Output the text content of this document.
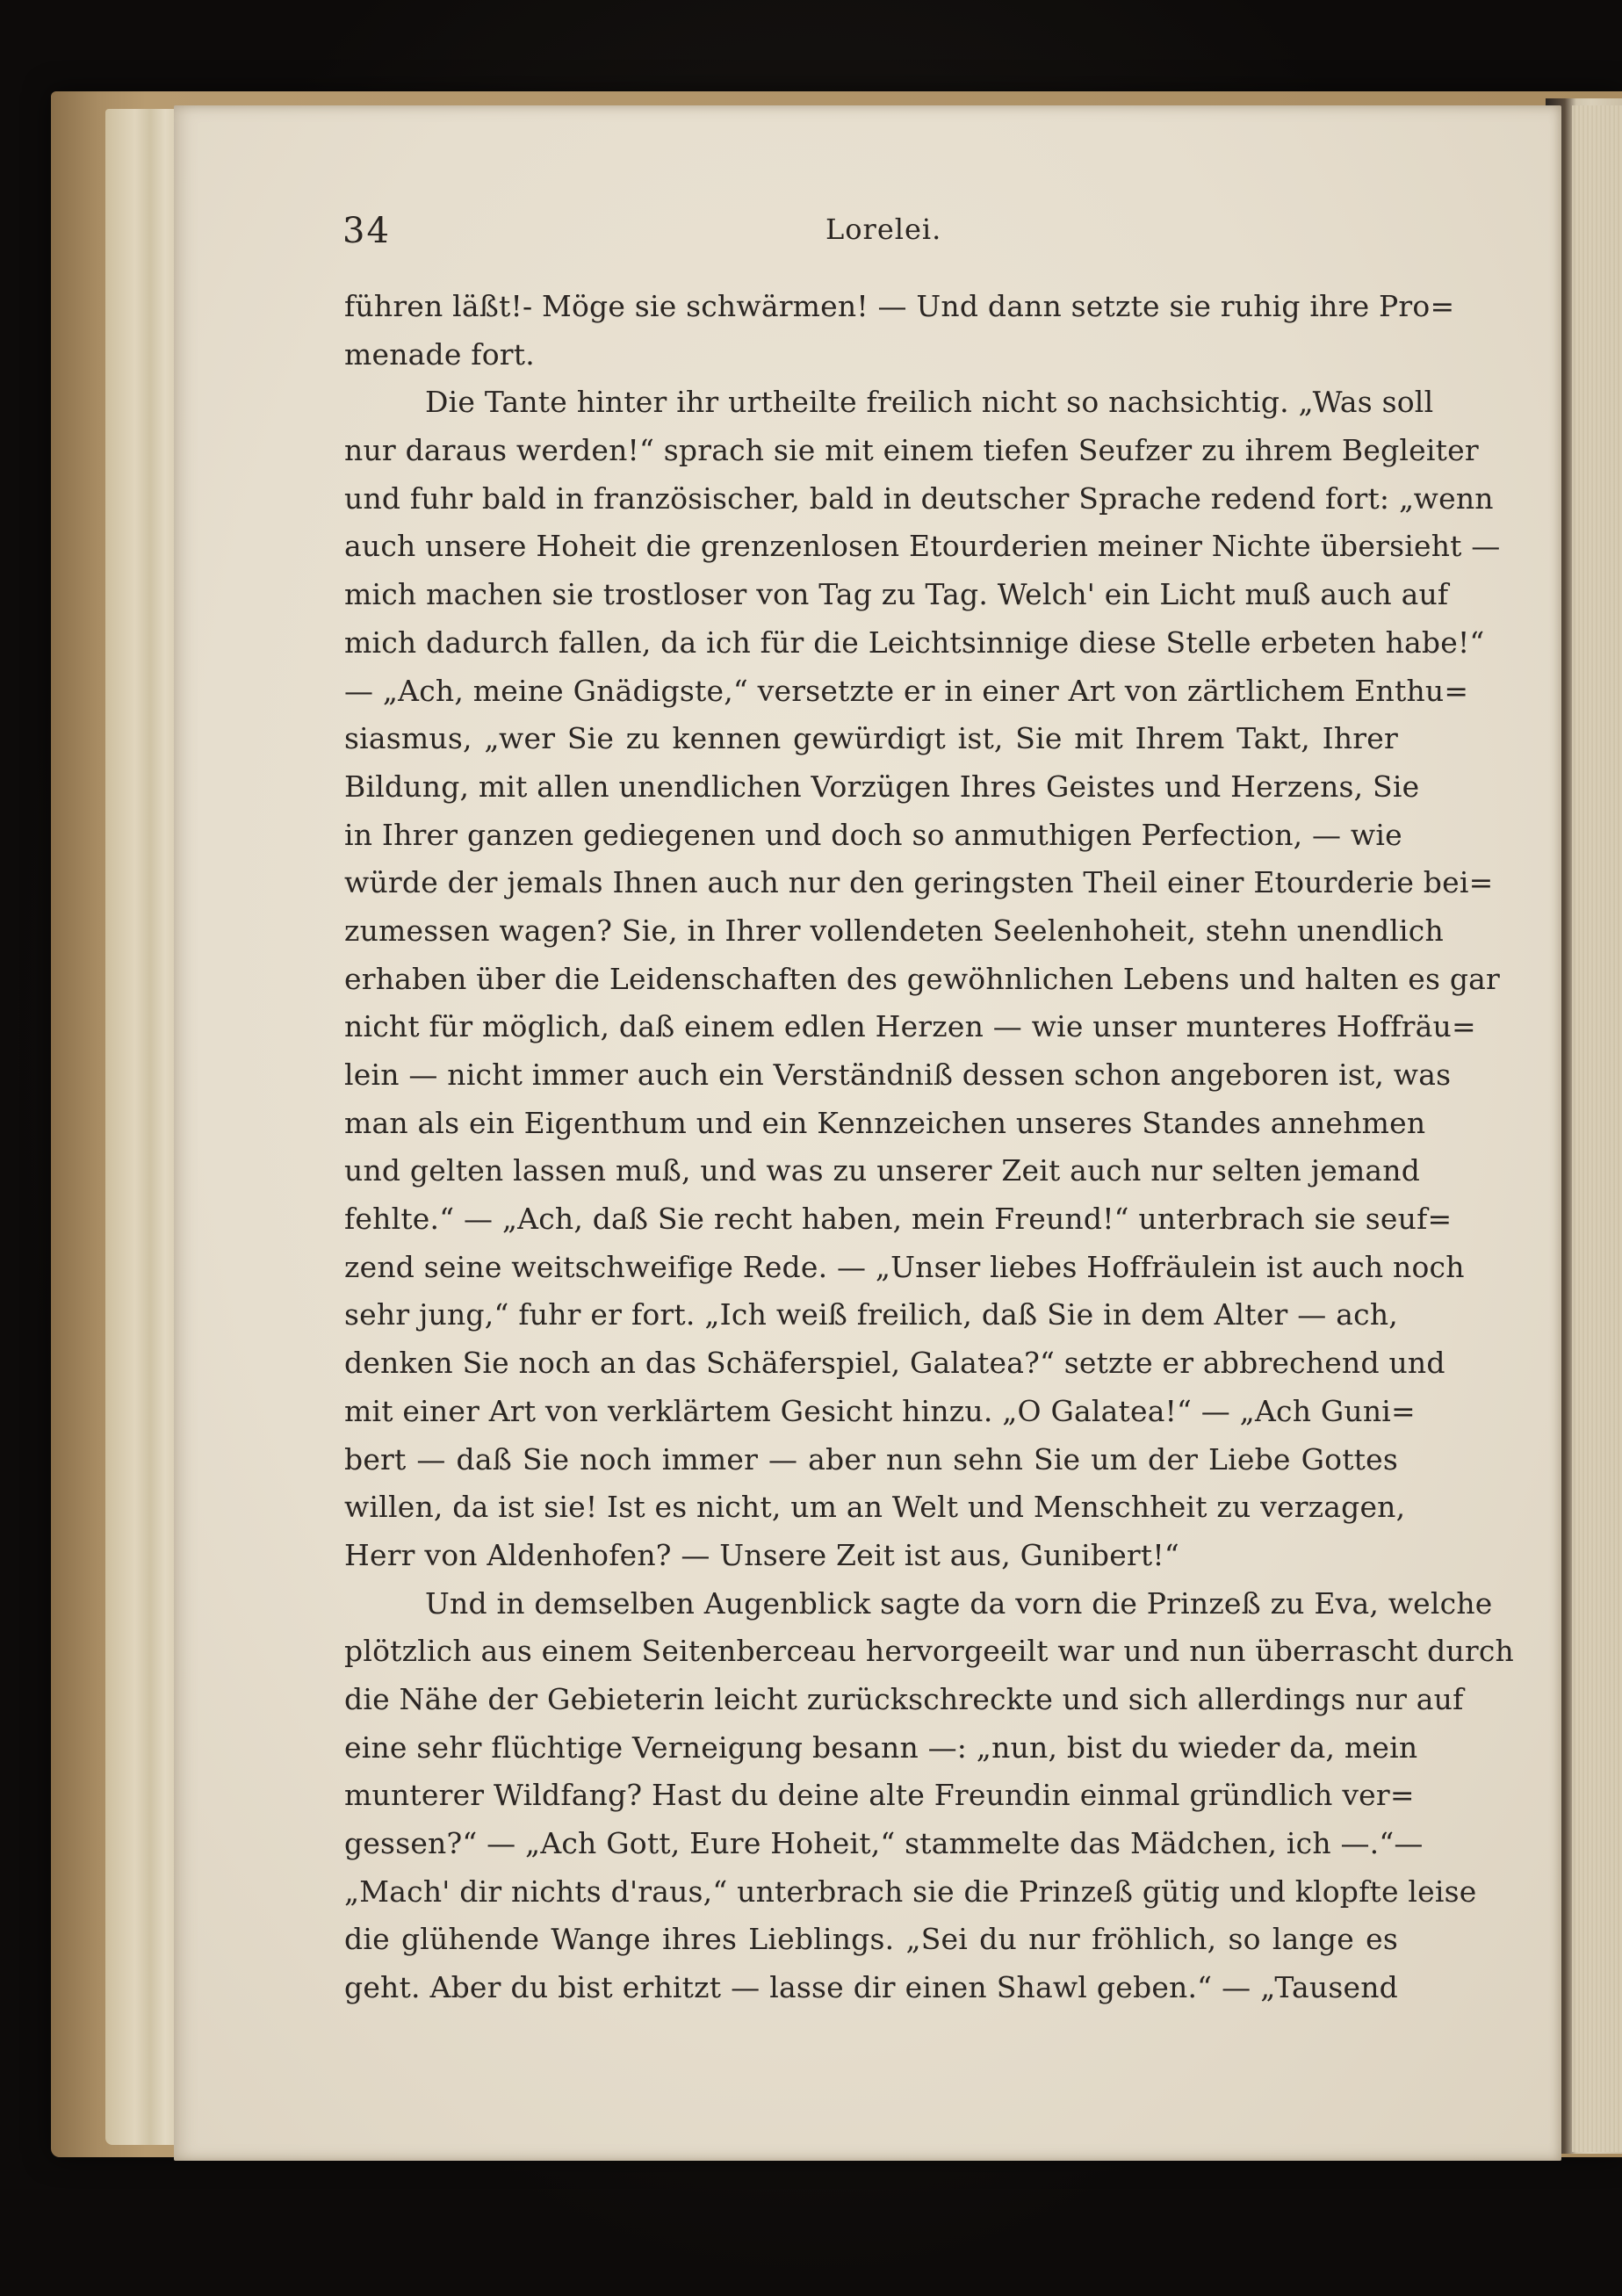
34	Lorelei.
führen läßt!- Möge sie schwärmen! — Und dann setzte sie ruhig ihre Pro=
menade fort.
Die Tante hinter ihr urtheilte freilich nicht so nachsichtig. „Was soll
nur daraus werden!“ sprach sie mit einem tiefen Seufzer zu ihrem Begleiter
und fuhr bald in französischer, bald in deutscher Sprache redend fort: „wenn
auch unsere Hoheit die grenzenlosen Etourderien meiner Nichte übersieht —
mich machen sie trostloser von Tag zu Tag. Welch' ein Licht muß auch auf
mich dadurch fallen, da ich für die Leichtsinnige diese Stelle erbeten habe!“
— „Ach, meine Gnädigste,“ versetzte er in einer Art von zärtlichem Enthu=
siasmus, „wer Sie zu kennen gewürdigt ist, Sie mit Ihrem Takt, Ihrer
Bildung, mit allen unendlichen Vorzügen Ihres Geistes und Herzens, Sie
in Ihrer ganzen gediegenen und doch so anmuthigen Perfection, — wie
würde der jemals Ihnen auch nur den geringsten Theil einer Etourderie bei=
zumessen wagen? Sie, in Ihrer vollendeten Seelenhoheit, stehn unendlich
erhaben über die Leidenschaften des gewöhnlichen Lebens und halten es gar
nicht für möglich, daß einem edlen Herzen — wie unser munteres Hoffräu=
lein — nicht immer auch ein Verständniß dessen schon angeboren ist, was
man als ein Eigenthum und ein Kennzeichen unseres Standes annehmen
und gelten lassen muß, und was zu unserer Zeit auch nur selten jemand
fehlte.“ — „Ach, daß Sie recht haben, mein Freund!“ unterbrach sie seuf=
zend seine weitschweifige Rede. — „Unser liebes Hoffräulein ist auch noch
sehr jung,“ fuhr er fort. „Ich weiß freilich, daß Sie in dem Alter — ach,
denken Sie noch an das Schäferspiel, Galatea?“ setzte er abbrechend und
mit einer Art von verklärtem Gesicht hinzu. „O Galatea!“ — „Ach Guni=
bert — daß Sie noch immer — aber nun sehn Sie um der Liebe Gottes
willen, da ist sie! Ist es nicht, um an Welt und Menschheit zu verzagen,
Herr von Aldenhofen? — Unsere Zeit ist aus, Gunibert!“
Und in demselben Augenblick sagte da vorn die Prinzeß zu Eva, welche
plötzlich aus einem Seitenberceau hervorgeeilt war und nun überrascht durch
die Nähe der Gebieterin leicht zurückschreckte und sich allerdings nur auf
eine sehr flüchtige Verneigung besann —: „nun, bist du wieder da, mein
munterer Wildfang? Hast du deine alte Freundin einmal gründlich ver=
gessen?“ — „Ach Gott, Eure Hoheit,“ stammelte das Mädchen, ich —.“—
„Mach' dir nichts d'raus,“ unterbrach sie die Prinzeß gütig und klopfte leise
die glühende Wange ihres Lieblings. „Sei du nur fröhlich, so lange es
geht. Aber du bist erhitzt — lasse dir einen Shawl geben.“ — „Tausend
